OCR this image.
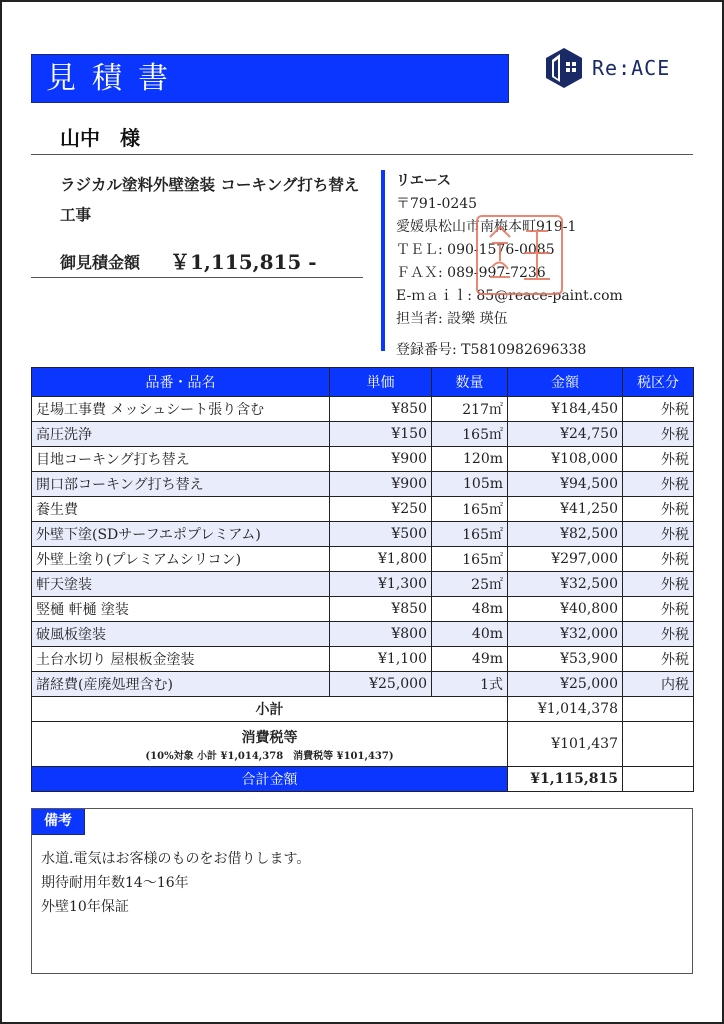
見積書	Re:ACE
山中　様
ラジカル塗料外壁塗装 コーキング打ち替え工事
御見積金額 ￥1,115,815 -
リエース
〒791-0245
愛媛県松山市南梅本町919-1
ＴＥＬ: 090-1576-0085
ＦＡＸ: 089-997-7236
E-ｍａｉｌ: 85@reace-paint.com
担当者: 設樂 瑛伍
登録番号: T5810982696338
品番・品名	単価	数量	金額	税区分
足場工事費 メッシュシート張り含む	¥850	217㎡	¥184,450	外税
高圧洗浄	¥150	165㎡	¥24,750	外税
目地コーキング打ち替え	¥900	120m	¥108,000	外税
開口部コーキング打ち替え	¥900	105m	¥94,500	外税
養生費	¥250	165㎡	¥41,250	外税
外壁下塗(SDサーフエポプレミアム)	¥500	165㎡	¥82,500	外税
外壁上塗り(プレミアムシリコン)	¥1,800	165㎡	¥297,000	外税
軒天塗装	¥1,300	25㎡	¥32,500	外税
竪樋 軒樋 塗装	¥850	48m	¥40,800	外税
破風板塗装	¥800	40m	¥32,000	外税
土台水切り 屋根板金塗装	¥1,100	49m	¥53,900	外税
諸経費(産廃処理含む)	¥25,000	1式	¥25,000	内税
小計			¥1,014,378	
消費税等
(10%対象 小計 ¥1,014,378　消費税等 ¥101,437)			¥101,437	
合計金額			¥1,115,815	
備考
水道.電気はお客様のものをお借りします。
期待耐用年数14〜16年
外壁10年保証
